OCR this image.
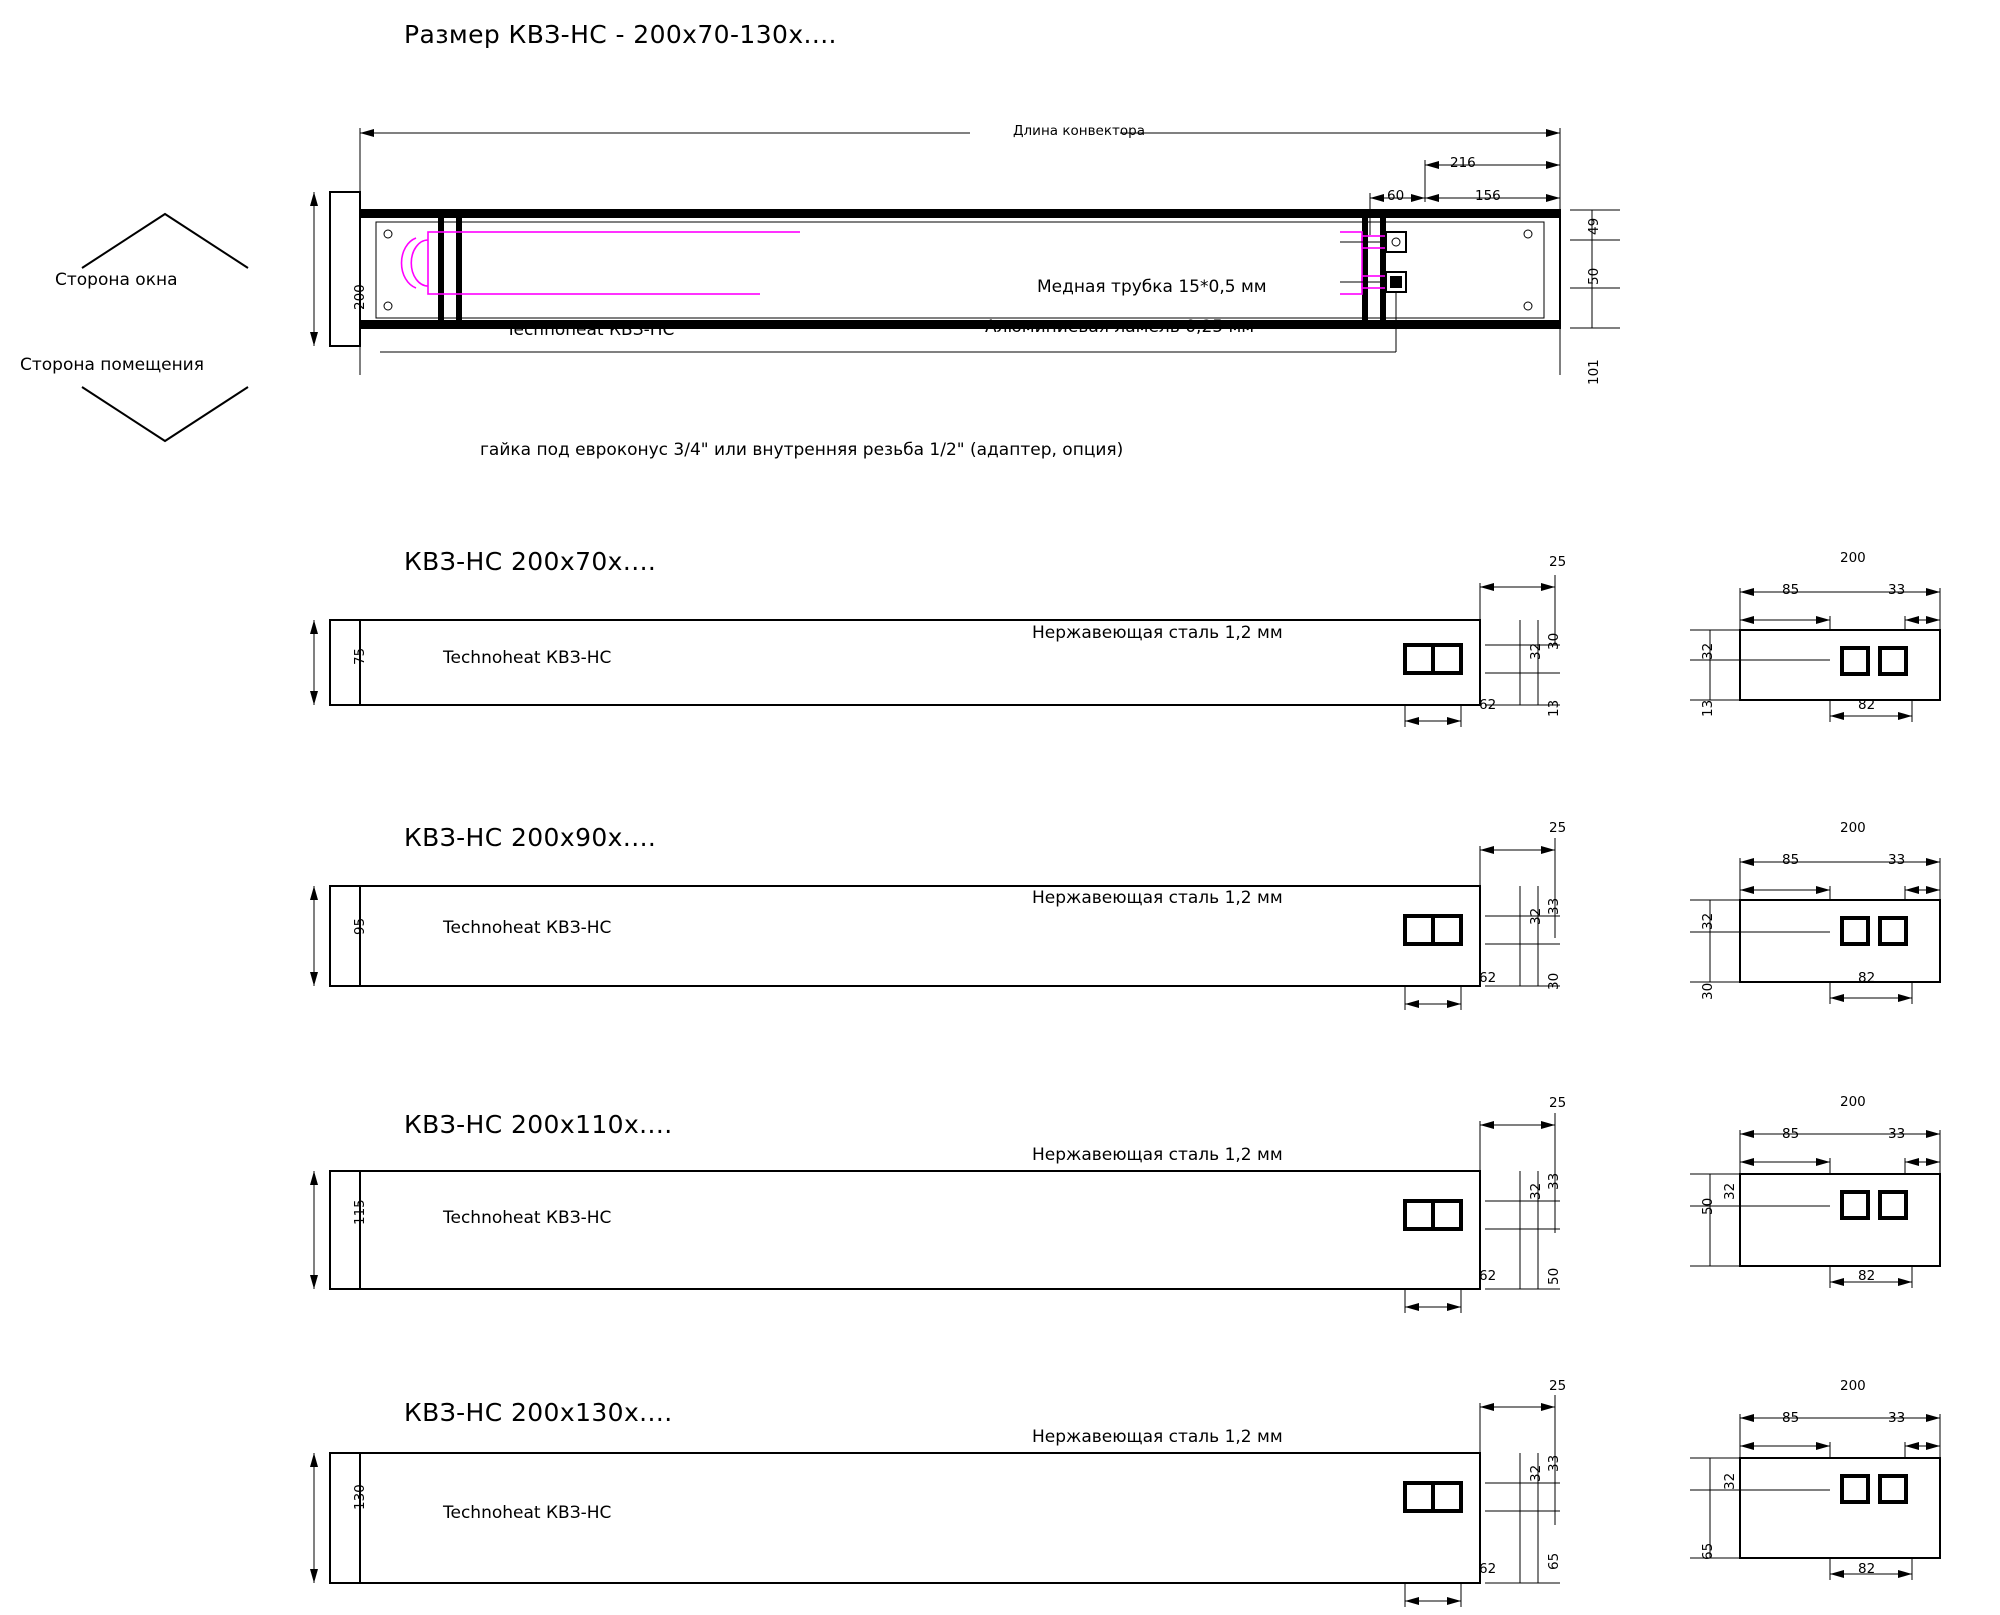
Размер КВЗ-НС - 200x70-130x....
Сторона окна
Сторона помещения
Длина конвектора
216
60	156
49
50
101
200
Technoheat КВЗ-НС
Медная трубка 15*0,5 мм
Алюминиевая ламель 0,25 мм
гайка под евроконус 3/4" или внутренняя резьба 1/2" (адаптер, опция)
КВЗ-НС 200x70x....
75
25
30
32
13
62
Нержавеющая сталь 1,2 мм
Technoheat КВЗ-НС
200
85	33
32
13	82
КВЗ-НС 200x90x....
95
25
33
32
30
62
Нержавеющая сталь 1,2 мм
Technoheat КВЗ-НС
200
85	33
32
30
82
КВЗ-НС 200x110x....
115
25
33
32
50
62
Нержавеющая сталь 1,2 мм
Technoheat КВЗ-НС
200
85	33
32
50
82
КВЗ-НС 200x130x....
130
25
33
32
65
62
Нержавеющая сталь 1,2 мм
Technoheat КВЗ-НС
200
85	33
32
65
82
